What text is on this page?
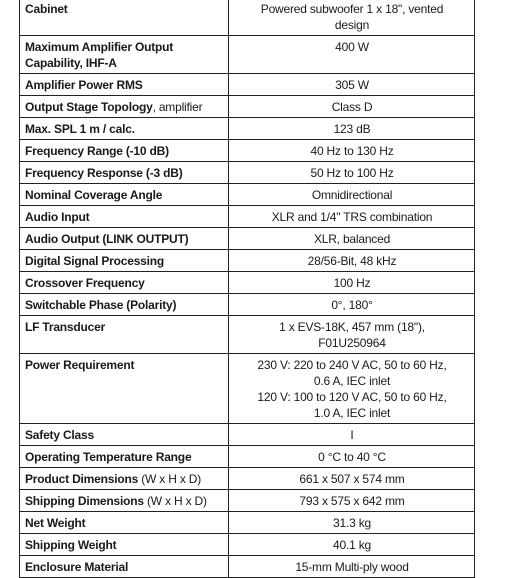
Cabinet	Powered subwoofer 1 x 18", vented
design

Maximum Amplifier Output Capability, IHF-A	400 W

Amplifier Power RMS	305 W

Output Stage Topology, amplifier	Class D

Max. SPL 1 m / calc.	123 dB

Frequency Range (-10 dB)	40 Hz to 130 Hz

Frequency Response (-3 dB)	50 Hz to 100 Hz

Nominal Coverage Angle	Omnidirectional

Audio Input	XLR and 1/4" TRS combination

Audio Output (LINK OUTPUT)	XLR, balanced

Digital Signal Processing	28/56-Bit, 48 kHz

Crossover Frequency	100 Hz

Switchable Phase (Polarity)	0°, 180°

LF Transducer	1 x EVS-18K, 457 mm (18"),
F01U250964

Power Requirement	230 V: 220 to 240 V AC, 50 to 60 Hz,
0.6 A, IEC inlet
120 V: 100 to 120 V AC, 50 to 60 Hz,
1.0 A, IEC inlet

Safety Class	I

Operating Temperature Range	0 °C to 40 °C

Product Dimensions (W x H x D)	661 x 507 x 574 mm

Shipping Dimensions (W x H x D)	793 x 575 x 642 mm

Net Weight	31.3 kg

Shipping Weight	40.1 kg

Enclosure Material	15-mm Multi-ply wood
